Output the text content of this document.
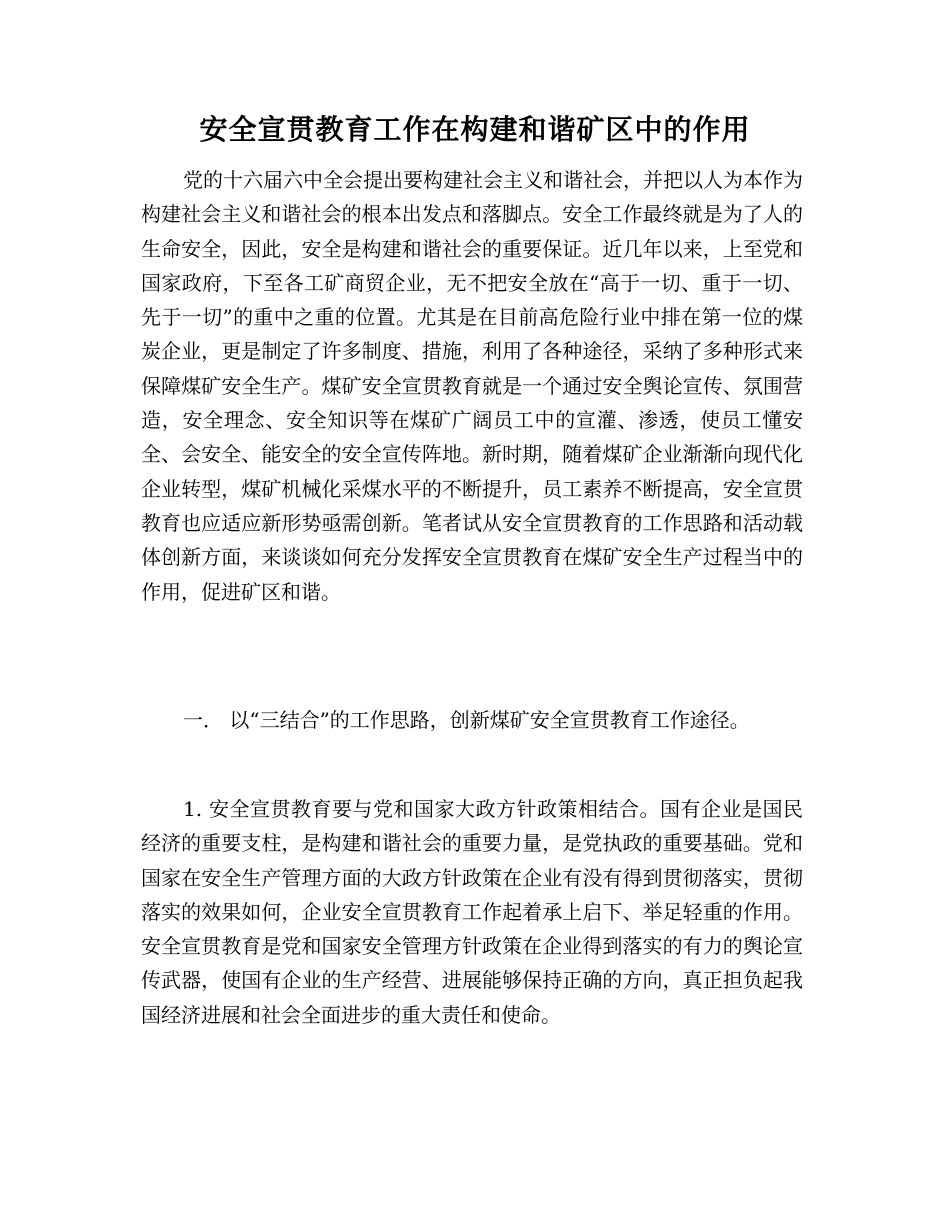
安全宣贯教育工作在构建和谐矿区中的作用

党的十六届六中全会提出要构建社会主义和谐社会，并把以人为本作为构建社会主义和谐社会的根本出发点和落脚点。安全工作最终就是为了人的生命安全，因此，安全是构建和谐社会的重要保证。近几年以来，上至党和国家政府，下至各工矿商贸企业，无不把安全放在“高于一切、重于一切、先于一切”的重中之重的位置。尤其是在目前高危险行业中排在第一位的煤炭企业，更是制定了许多制度、措施，利用了各种途径，采纳了多种形式来保障煤矿安全生产。煤矿安全宣贯教育就是一个通过安全舆论宣传、氛围营造，安全理念、安全知识等在煤矿广阔员工中的宣灌、渗透，使员工懂安全、会安全、能安全的安全宣传阵地。新时期，随着煤矿企业渐渐向现代化企业转型，煤矿机械化采煤水平的不断提升，员工素养不断提高，安全宣贯教育也应适应新形势亟需创新。笔者试从安全宣贯教育的工作思路和活动载体创新方面，来谈谈如何充分发挥安全宣贯教育在煤矿安全生产过程当中的作用，促进矿区和谐。

一． 以“三结合”的工作思路，创新煤矿安全宣贯教育工作途径。

1. 安全宣贯教育要与党和国家大政方针政策相结合。国有企业是国民经济的重要支柱，是构建和谐社会的重要力量，是党执政的重要基础。党和国家在安全生产管理方面的大政方针政策在企业有没有得到贯彻落实，贯彻落实的效果如何，企业安全宣贯教育工作起着承上启下、举足轻重的作用。安全宣贯教育是党和国家安全管理方针政策在企业得到落实的有力的舆论宣传武器，使国有企业的生产经营、进展能够保持正确的方向，真正担负起我国经济进展和社会全面进步的重大责任和使命。
